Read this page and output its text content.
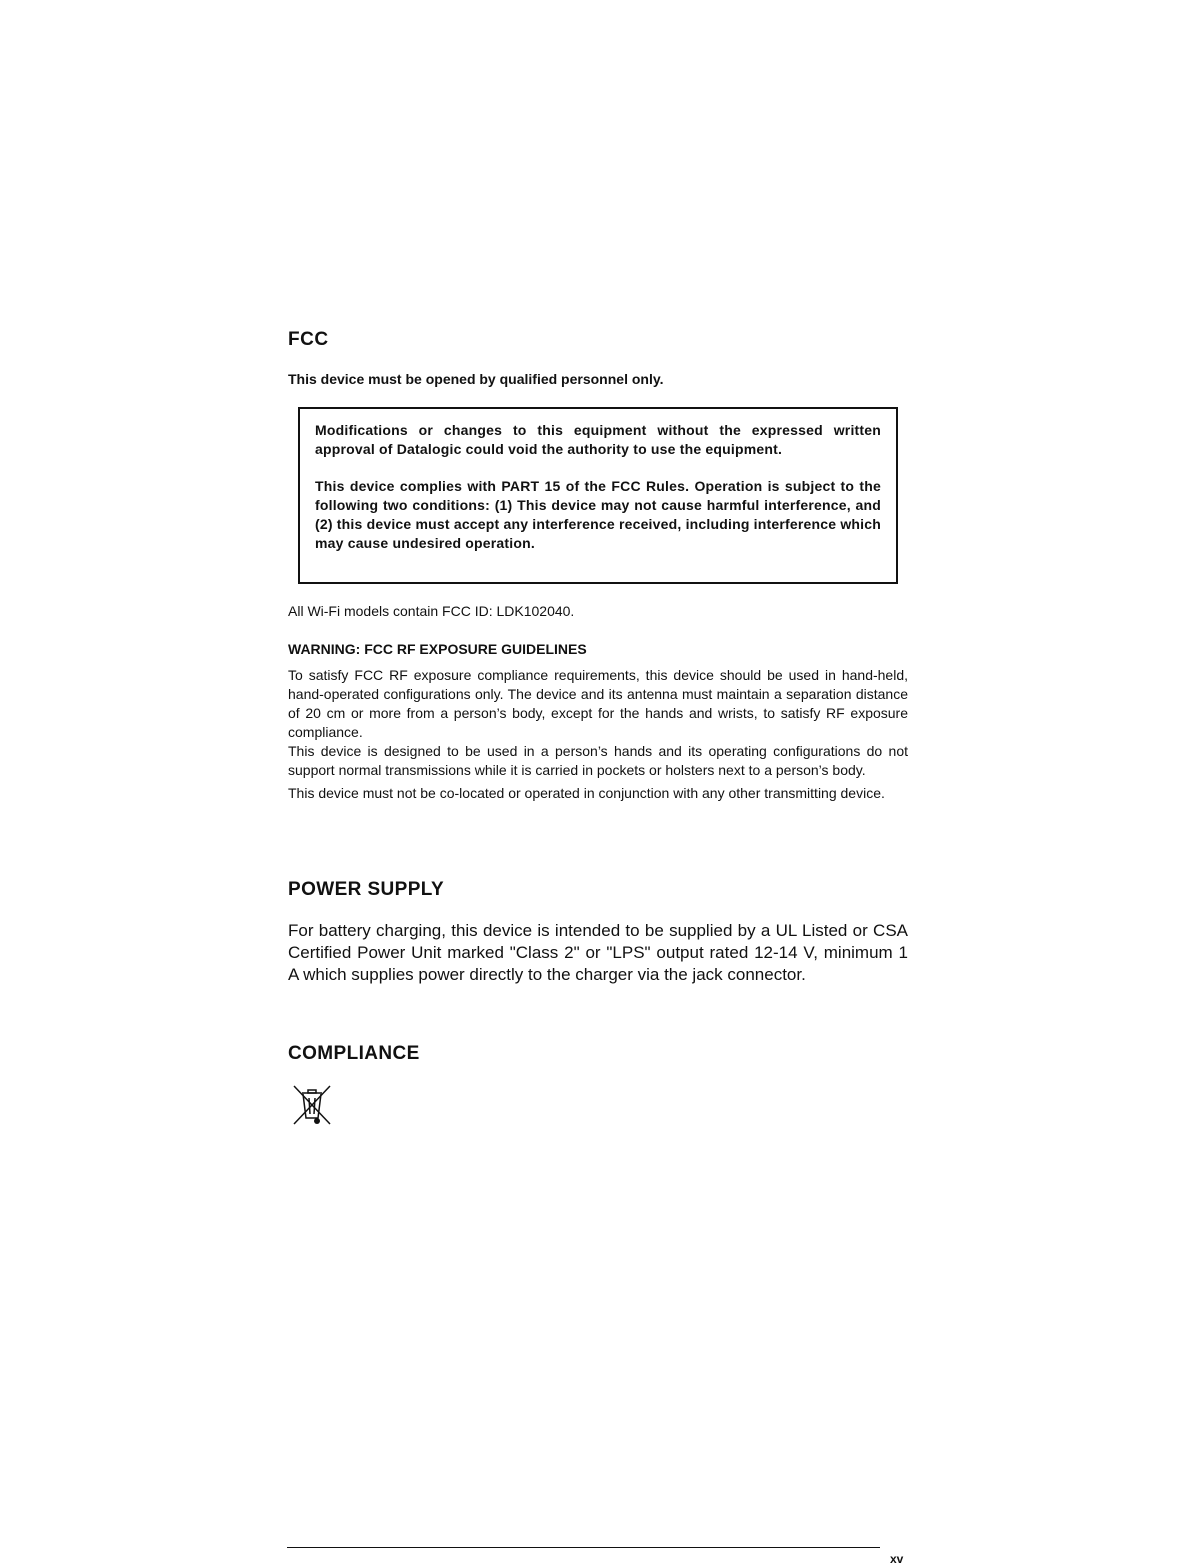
FCC
This device must be opened by qualified personnel only.

Modifications or changes to this equipment without the expressed written approval of Datalogic could void the authority to use the equipment.

This device complies with PART 15 of the FCC Rules. Operation is subject to the following two conditions: (1) This device may not cause harmful interference, and (2) this device must accept any interference received, including interference which may cause undesired operation.

All Wi-Fi models contain FCC ID: LDK102040.
WARNING: FCC RF EXPOSURE GUIDELINES

To satisfy FCC RF exposure compliance requirements, this device should be used in hand-held, hand-operated configurations only. The device and its antenna must maintain a separation distance of 20 cm or more from a person’s body, except for the hands and wrists, to satisfy RF exposure compliance.

This device is designed to be used in a person’s hands and its operating configurations do not support normal transmissions while it is carried in pockets or holsters next to a person’s body.

This device must not be co-located or operated in conjunction with any other transmitting device.

POWER SUPPLY

For battery charging, this device is intended to be supplied by a UL Listed or CSA Certified Power Unit marked "Class 2" or "LPS" output rated 12-14 V, minimum 1 A which supplies power directly to the charger via the jack connector.

COMPLIANCE
xv
